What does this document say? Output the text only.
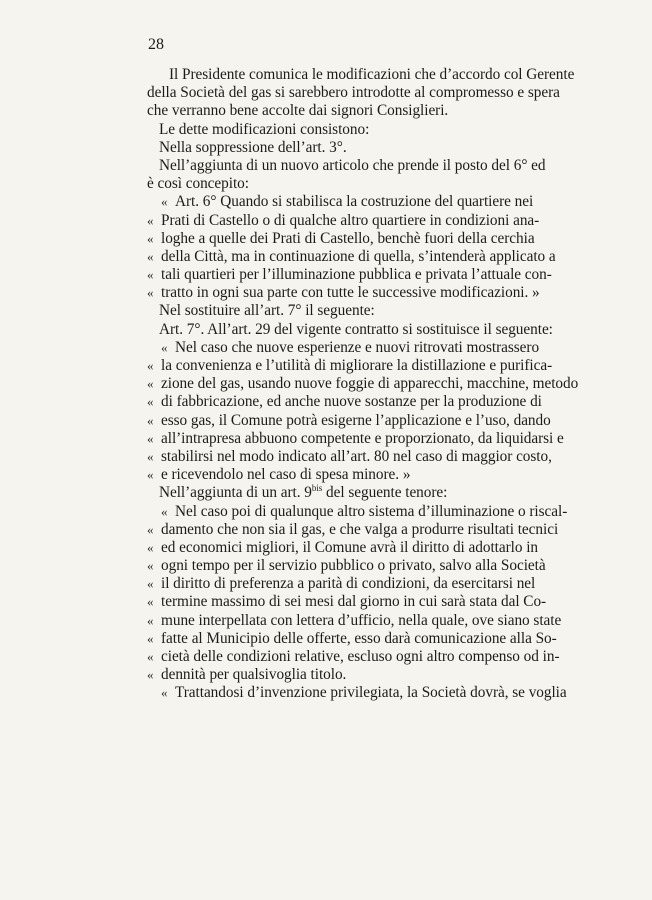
28
Il Presidente comunica le modificazioni che d’accordo col Gerente
della Società del gas si sarebbero introdotte al compromesso e spera
che verranno bene accolte dai signori Consiglieri.
Le dette modificazioni consistono:
Nella soppressione dell’art. 3°.
Nell’aggiunta di un nuovo articolo che prende il posto del 6° ed
è così concepito:
« Art. 6° Quando si stabilisca la costruzione del quartiere nei
« Prati di Castello o di qualche altro quartiere in condizioni ana-
« loghe a quelle dei Prati di Castello, benchè fuori della cerchia
« della Città, ma in continuazione di quella, s’intenderà applicato a
« tali quartieri per l’illuminazione pubblica e privata l’attuale con-
« tratto in ogni sua parte con tutte le successive modificazioni. »
Nel sostituire all’art. 7° il seguente:
Art. 7°. All’art. 29 del vigente contratto si sostituisce il seguente:
« Nel caso che nuove esperienze e nuovi ritrovati mostrassero
« la convenienza e l’utilità di migliorare la distillazione e purifica-
« zione del gas, usando nuove foggie di apparecchi, macchine, metodo
« di fabbricazione, ed anche nuove sostanze per la produzione di
« esso gas, il Comune potrà esigerne l’applicazione e l’uso, dando
« all’intrapresa abbuono competente e proporzionato, da liquidarsi e
« stabilirsi nel modo indicato all’art. 80 nel caso di maggior costo,
« e ricevendolo nel caso di spesa minore. »
Nell’aggiunta di un art. $9^{bis}$ del seguente tenore:
« Nel caso poi di qualunque altro sistema d’illuminazione o riscal-
« damento che non sia il gas, e che valga a produrre risultati tecnici
« ed economici migliori, il Comune avrà il diritto di adottarlo in
« ogni tempo per il servizio pubblico o privato, salvo alla Società
« il diritto di preferenza a parità di condizioni, da esercitarsi nel
« termine massimo di sei mesi dal giorno in cui sarà stata dal Co-
« mune interpellata con lettera d’ufficio, nella quale, ove siano state
« fatte al Municipio delle offerte, esso darà comunicazione alla So-
« cietà delle condizioni relative, escluso ogni altro compenso od in-
« dennità per qualsivoglia titolo.
« Trattandosi d’invenzione privilegiata, la Società dovrà, se voglia
